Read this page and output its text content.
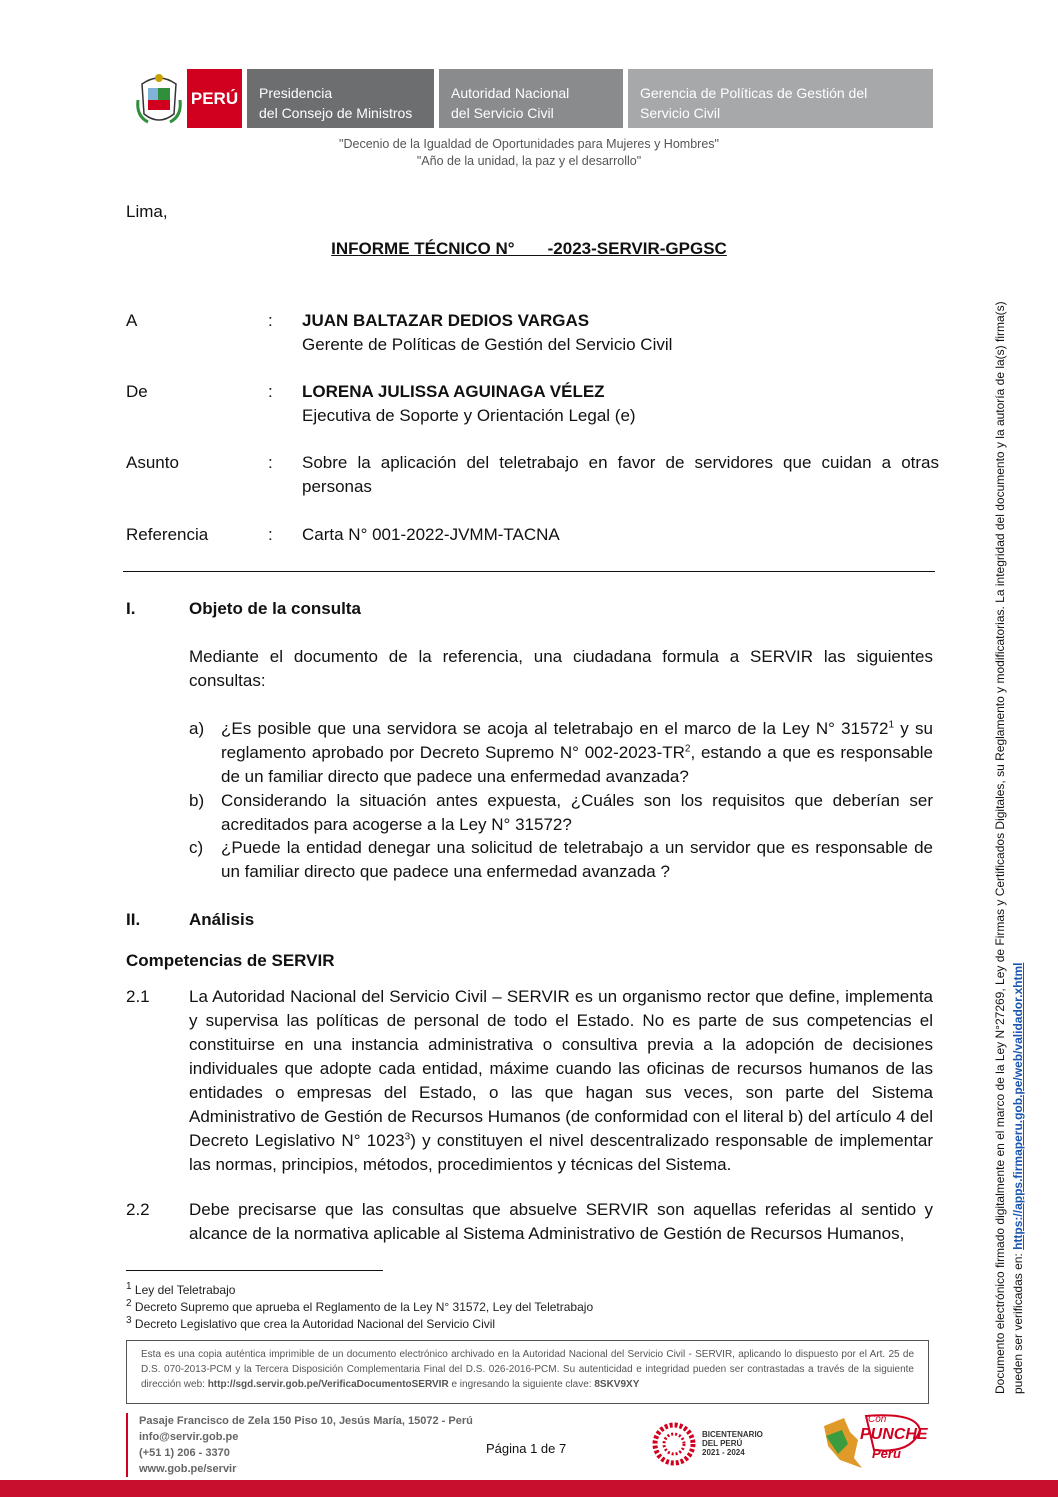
PERÚ Presidencia
del Consejo de Ministros
Autoridad Nacional
del Servicio Civil
Gerencia de Políticas de Gestión del
Servicio Civil
"Decenio de la Igualdad de Oportunidades para Mujeres y Hombres"
"Año de la unidad, la paz y el desarrollo"
Lima,
INFORME TÉCNICO N°       -2023-SERVIR-GPGSC
A	: JUAN BALTAZAR DEDIOS VARGAS
Gerente de Políticas de Gestión del Servicio Civil
De	: LORENA JULISSA AGUINAGA VÉLEZ
Ejecutiva de Soporte y Orientación Legal (e)
Asunto	: Sobre la aplicación del teletrabajo en favor de servidores que cuidan a otras personas
Referencia	: Carta N° 001-2022-JVMM-TACNA
I.	Objeto de la consulta
Mediante el documento de la referencia, una ciudadana formula a SERVIR las siguientes consultas:
a) ¿Es posible que una servidora se acoja al teletrabajo en el marco de la Ley N° 31572$^1$ y su reglamento aprobado por Decreto Supremo N° $002-2023-TR^2$, estando a que es responsable de un familiar directo que padece una enfermedad avanzada?
b) Considerando la situación antes expuesta, ¿Cuáles son los requisitos que deberían ser acreditados para acogerse a la Ley N° 31572?
c) ¿Puede la entidad denegar una solicitud de teletrabajo a un servidor que es responsable de un familiar directo que padece una enfermedad avanzada ?
II.	Análisis
Competencias de SERVIR
2.1 La Autoridad Nacional del Servicio Civil – SERVIR es un organismo rector que define, implementa y supervisa las políticas de personal de todo el Estado. No es parte de sus competencias el constituirse en una instancia administrativa o consultiva previa a la adopción de decisiones individuales que adopte cada entidad, máxime cuando las oficinas de recursos humanos de las entidades o empresas del Estado, o las que hagan sus veces, son parte del Sistema Administrativo de Gestión de Recursos Humanos (de conformidad con el literal b) del artículo 4 del Decreto Legislativo N° 1023$^3$) y constituyen el nivel descentralizado responsable de implementar las normas, principios, métodos, procedimientos y técnicas del Sistema.
2.2 Debe precisarse que las consultas que absuelve SERVIR son aquellas referidas al sentido y alcance de la normativa aplicable al Sistema Administrativo de Gestión de Recursos Humanos,
$^1$ Ley del Teletrabajo
$^2$ Decreto Supremo que aprueba el Reglamento de la Ley N° 31572, Ley del Teletrabajo
$^3$ Decreto Legislativo que crea la Autoridad Nacional del Servicio Civil
Esta es una copia auténtica imprimible de un documento electrónico archivado en la Autoridad Nacional del Servicio Civil - SERVIR, aplicando lo dispuesto por el Art. 25 de D.S. 070-2013-PCM y la Tercera Disposición Complementaria Final del D.S. 026-2016-PCM. Su autenticidad e integridad pueden ser contrastadas a través de la siguiente dirección web: http://sgd.servir.gob.pe/VerificaDocumentoSERVIR e ingresando la siguiente clave: 8SKV9XY
Pasaje Francisco de Zela 150 Piso 10, Jesús María, 15072 - Perú
info@servir.gob.pe
(+51 1) 206 - 3370
www.gob.pe/servir
Página 1 de 7
BICENTENARIO
DEL PERÚ
2021 - 2024
Con
PUNCHE
Perú
Documento electrónico firmado digitalmente en el marco de la Ley N°27269, Ley de Firmas y Certificados Digitales, su Reglamento y modificatorias. La integridad del documento y la autoría de la(s) firma(s) pueden ser verificadas en: https://apps.firmaperu.gob.pe/web/validador.xhtml
